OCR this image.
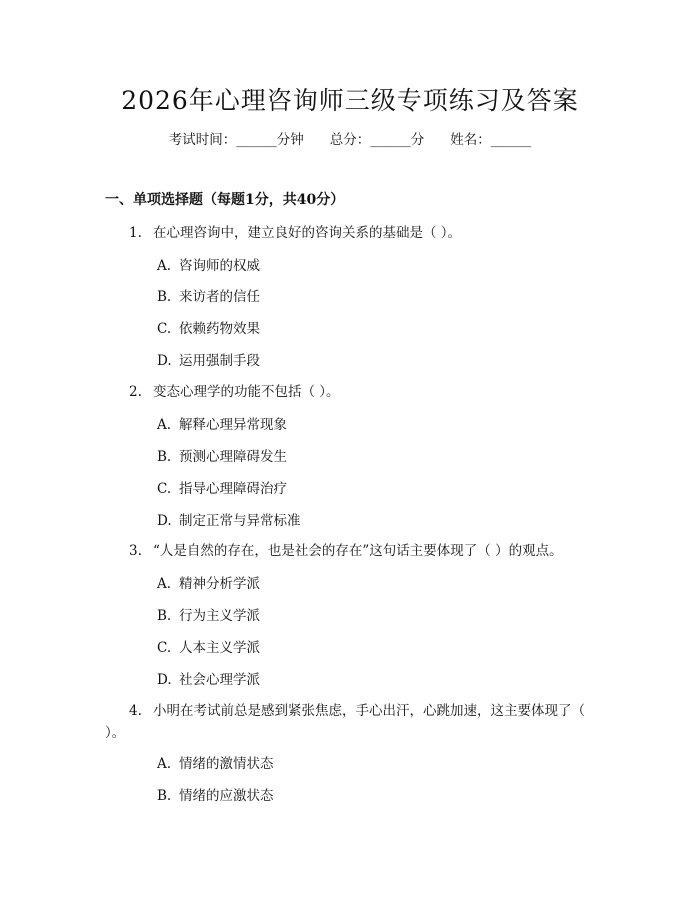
2026年心理咨询师三级专项练习及答案
考试时间：______分钟 总分：______分 姓名：______
一、单项选择题（每题1分，共40分）
1. 在心理咨询中，建立良好的咨询关系的基础是（ ）。
A. 咨询师的权威
B. 来访者的信任
C. 依赖药物效果
D. 运用强制手段
2. 变态心理学的功能不包括（ ）。
A. 解释心理异常现象
B. 预测心理障碍发生
C. 指导心理障碍治疗
D. 制定正常与异常标准
3. “人是自然的存在，也是社会的存在”这句话主要体现了（ ）的观点。
A. 精神分析学派
B. 行为主义学派
C. 人本主义学派
D. 社会心理学派
4. 小明在考试前总是感到紧张焦虑，手心出汗，心跳加速，这主要体现了（ ）。
A. 情绪的激情状态
B. 情绪的应激状态
